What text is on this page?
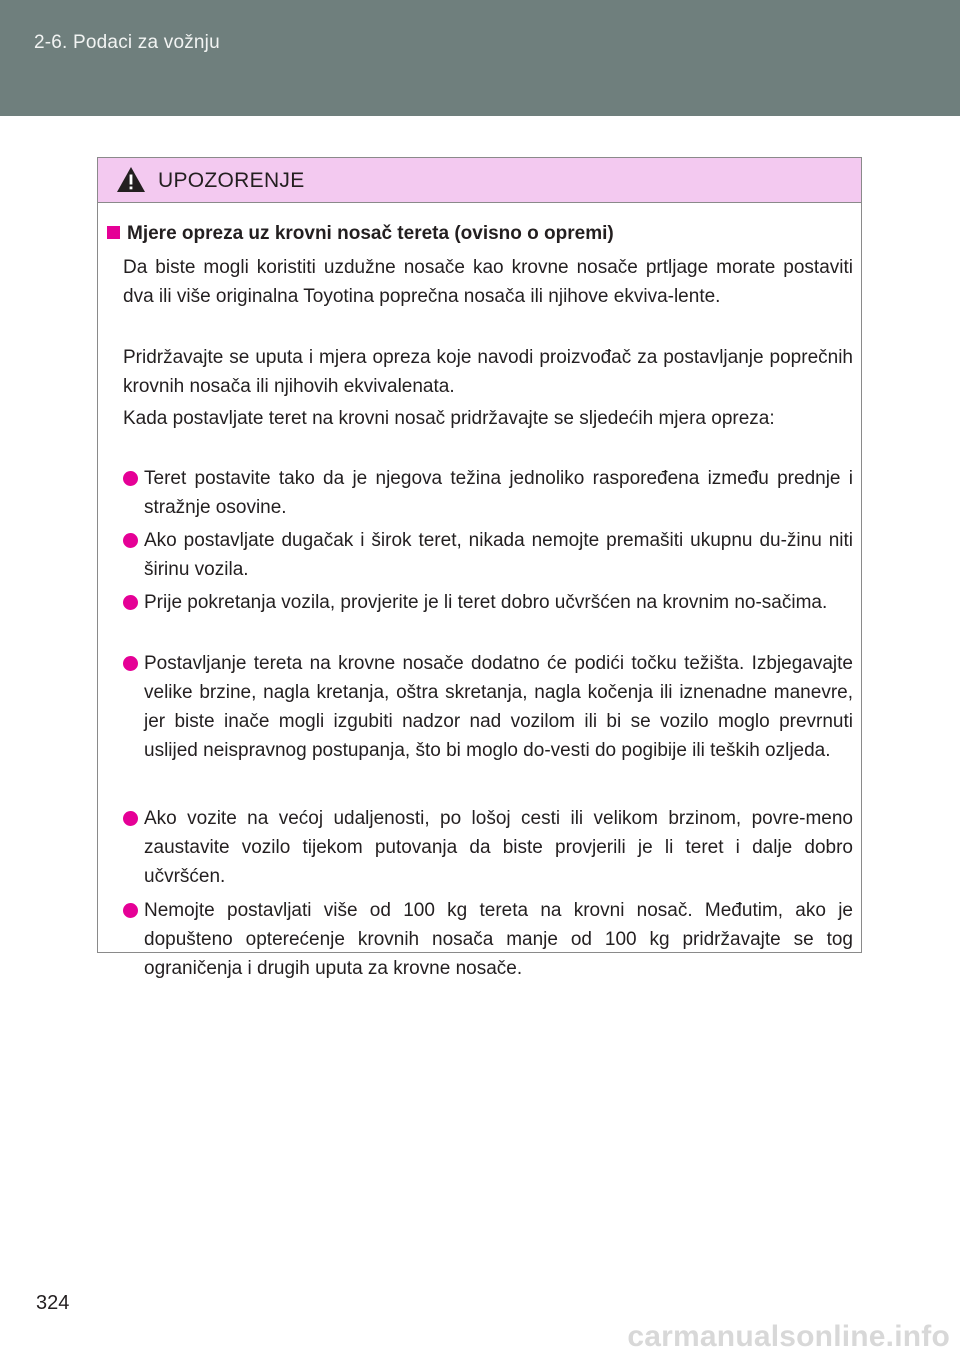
2-6. Podaci za vožnju
UPOZORENJE
Mjere opreza uz krovni nosač tereta (ovisno o opremi)
Da biste mogli koristiti uzdužne nosače kao krovne nosače prtljage morate postaviti dva ili više originalna Toyotina poprečna nosača ili njihove ekviva-lente.
Pridržavajte se uputa i mjera opreza koje navodi proizvođač za postavljanje poprečnih krovnih nosača ili njihovih ekvivalenata.
Kada postavljate teret na krovni nosač pridržavajte se sljedećih mjera opreza:
Teret postavite tako da je njegova težina jednoliko raspoređena između prednje i stražnje osovine.
Ako postavljate dugačak i širok teret, nikada nemojte premašiti ukupnu du-žinu niti širinu vozila.
Prije pokretanja vozila, provjerite je li teret dobro učvršćen na krovnim no-sačima.
Postavljanje tereta na krovne nosače dodatno će podići točku težišta. Izbjegavajte velike brzine, nagla kretanja, oštra skretanja, nagla kočenja ili iznenadne manevre, jer biste inače mogli izgubiti nadzor nad vozilom ili bi se vozilo moglo prevrnuti uslijed neispravnog postupanja, što bi moglo do-vesti do pogibije ili teških ozljeda.
Ako vozite na većoj udaljenosti, po lošoj cesti ili velikom brzinom, povre-meno zaustavite vozilo tijekom putovanja da biste provjerili je li teret i dalje dobro učvršćen.
Nemojte postavljati više od 100 kg tereta na krovni nosač. Međutim, ako je dopušteno opterećenje krovnih nosača manje od 100 kg pridržavajte se tog ograničenja i drugih uputa za krovne nosače.
324
carmanualsonline.info
